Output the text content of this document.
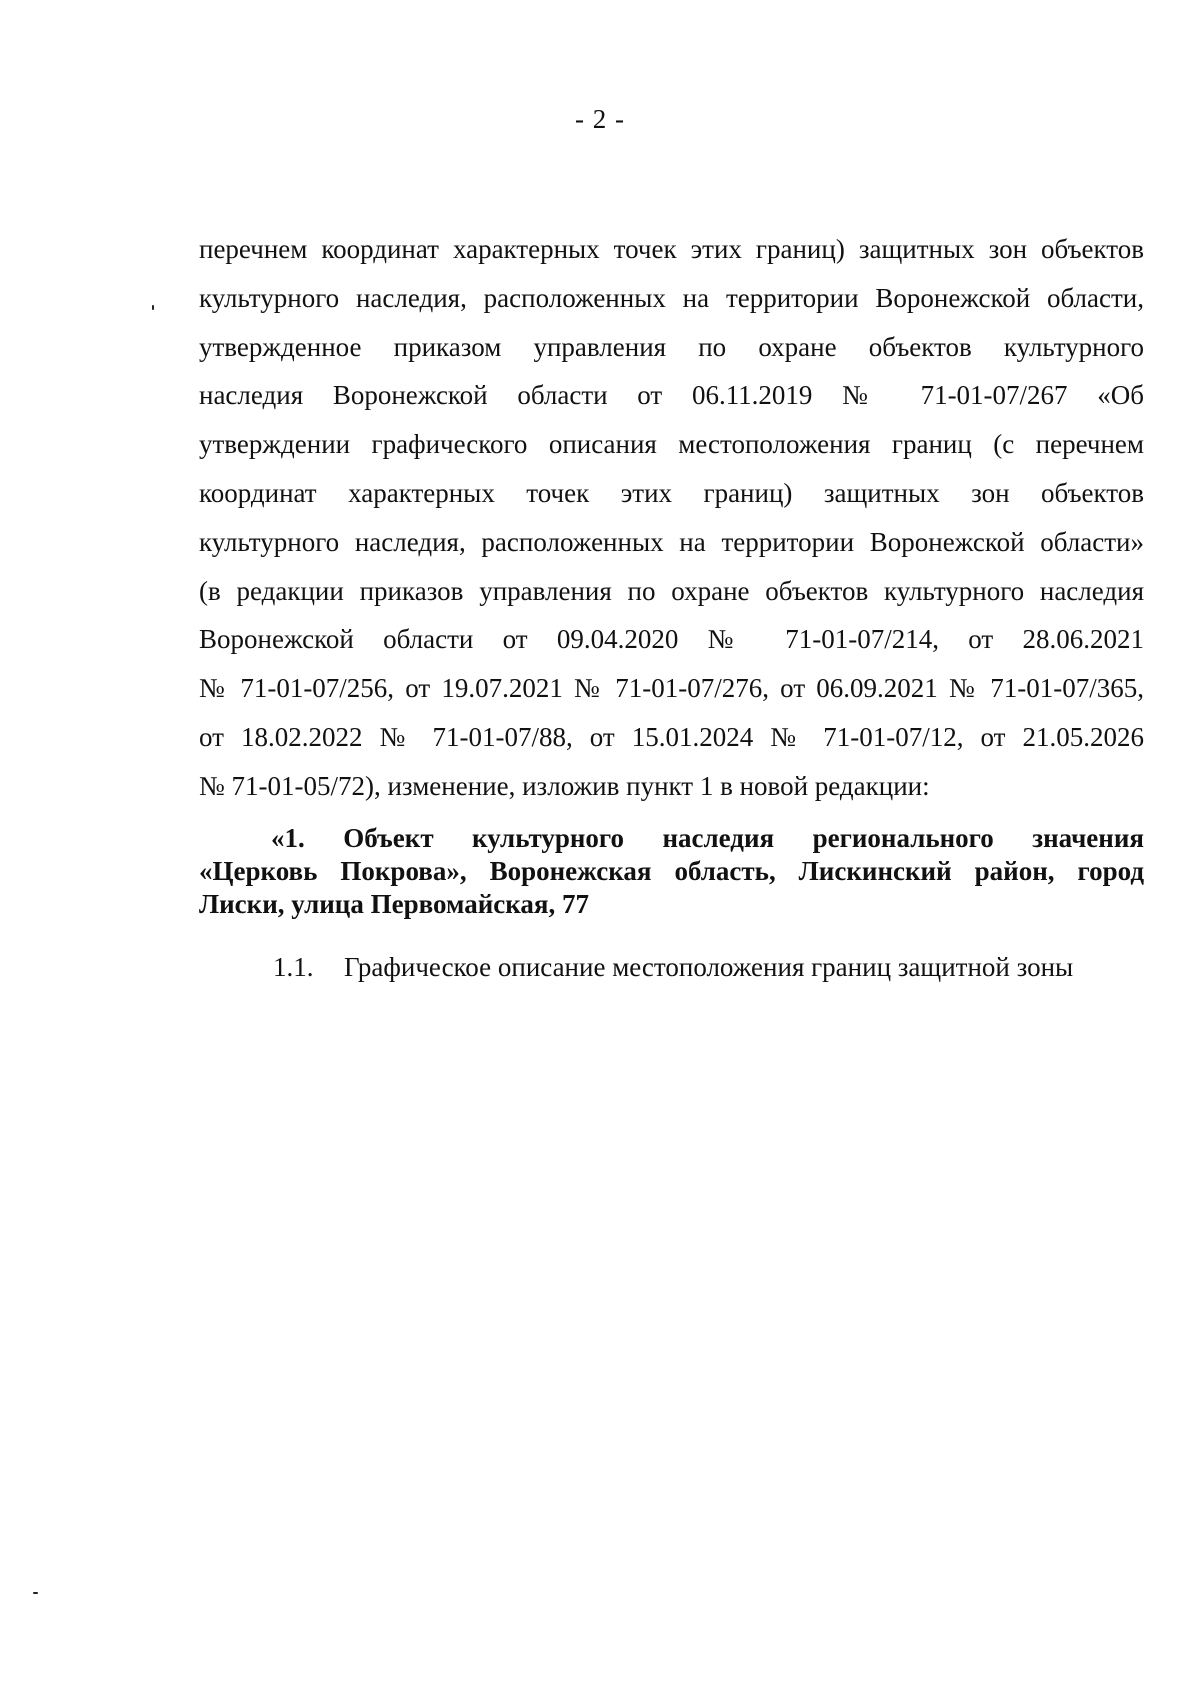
- 2 -
перечнем координат характерных точек этих границ) защитных зон объектов
культурного наследия, расположенных на территории Воронежской области,
утвержденное приказом управления по охране объектов культурного
наследия Воронежской области от 06.11.2019 № 71-01-07/267 «Об
утверждении графического описания местоположения границ (с перечнем
координат характерных точек этих границ) защитных зон объектов
культурного наследия, расположенных на территории Воронежской области»
(в редакции приказов управления по охране объектов культурного наследия
Воронежской области от 09.04.2020 № 71-01-07/214, от 28.06.2021
№ 71-01-07/256, от 19.07.2021 № 71-01-07/276, от 06.09.2021 № 71-01-07/365,
от 18.02.2022 № 71-01-07/88, от 15.01.2024 № 71-01-07/12, от 21.05.2026
№ 71-01-05/72), изменение, изложив пункт 1 в новой редакции:
«1. Объект культурного наследия регионального значения
«Церковь Покрова», Воронежская область, Лискинский район, город
Лиски, улица Первомайская, 77
1.1. Графическое описание местоположения границ защитной зоны
